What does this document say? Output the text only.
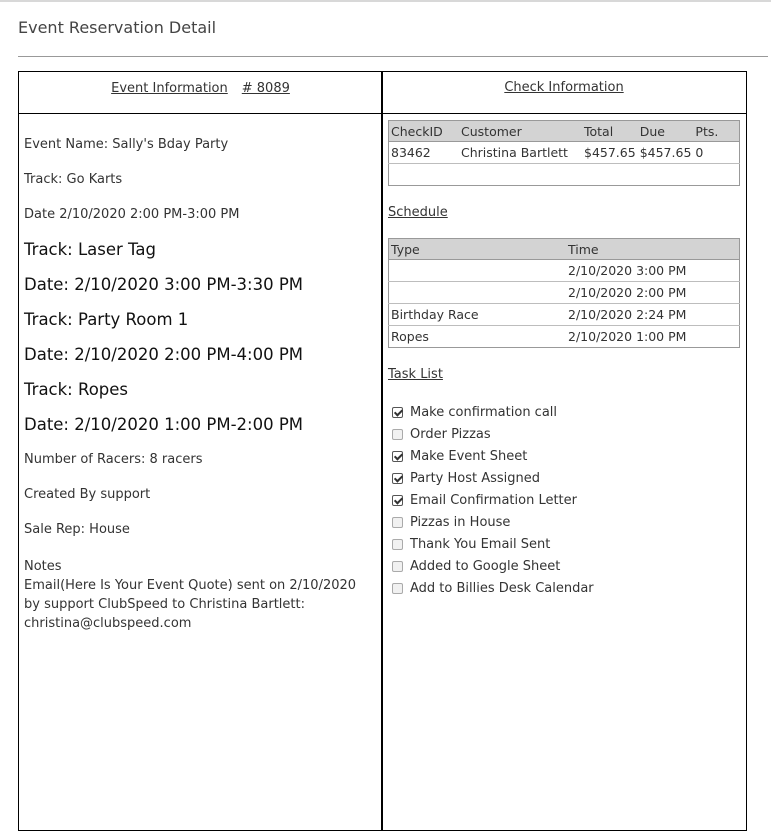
Event Reservation Detail
Event Information # 8089
Event Name: Sally's Bday Party
Track: Go Karts
Date 2/10/2020 2:00 PM-3:00 PM
Track: Laser Tag
Date: 2/10/2020 3:00 PM-3:30 PM
Track: Party Room 1
Date: 2/10/2020 2:00 PM-4:00 PM
Track: Ropes
Date: 2/10/2020 1:00 PM-2:00 PM
Number of Racers: 8 racers
Created By support
Sale Rep: House
Notes
Email(Here Is Your Event Quote) sent on 2/10/2020 by support ClubSpeed to Christina Bartlett: christina@clubspeed.com
Check Information
CheckID	Customer	Total	Due	Pts.
83462	Christina Bartlett	$457.65	$457.65	0

Schedule
Type	Time
	2/10/2020 3:00 PM
	2/10/2020 2:00 PM
Birthday Race	2/10/2020 2:24 PM
Ropes	2/10/2020 1:00 PM
Task List
Make confirmation call
Order Pizzas
Make Event Sheet
Party Host Assigned
Email Confirmation Letter
Pizzas in House
Thank You Email Sent
Added to Google Sheet
Add to Billies Desk Calendar
